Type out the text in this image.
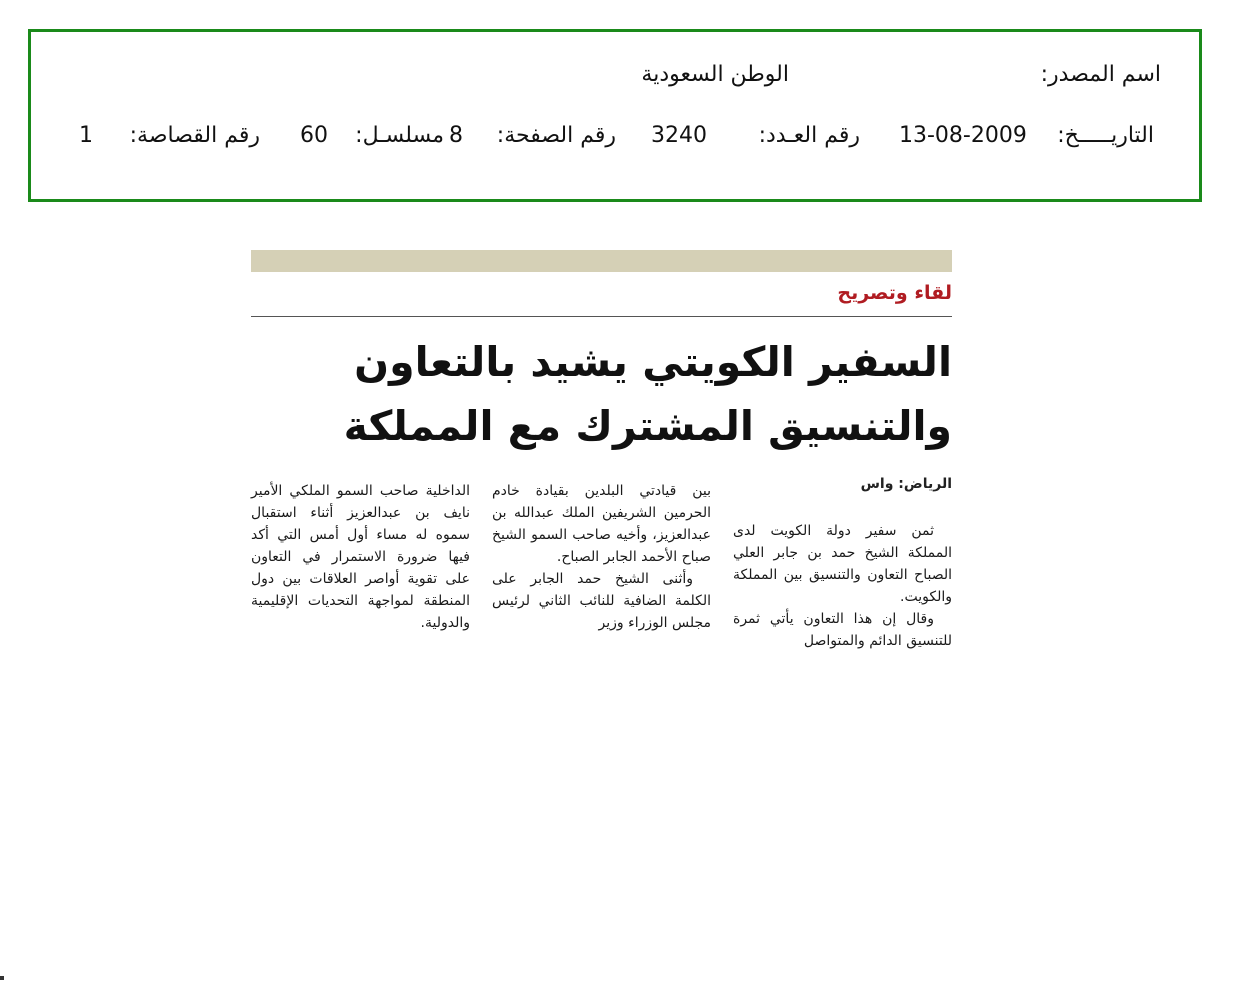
اسم المصدر:
الوطن السعودية
التاريـــــخ:
13-08-2009
رقم العـدد:
3240
رقم الصفحة:
8
مسلسـل:
60
رقم القصاصة:
1
لقاء وتصريح
السفير الكويتي يشيد بالتعاون
والتنسيق المشترك مع المملكة
الرياض: واس

ثمن سفير دولة الكويت لدى المملكة الشيخ حمد بن جابر العلي الصباح التعاون والتنسيق بين المملكة والكويت.

وقال إن هذا التعاون يأتي ثمرة للتنسيق الدائم والمتواصل

بين قيادتي البلدين بقيادة خادم الحرمين الشريفين الملك عبدالله بن عبدالعزيز، وأخيه صاحب السمو الشيخ صباح الأحمد الجابر الصباح.

وأثنى الشيخ حمد الجابر على الكلمة الضافية للنائب الثاني لرئيس مجلس الوزراء وزير

الداخلية صاحب السمو الملكي الأمير نايف بن عبدالعزيز أثناء استقبال سموه له مساء أول أمس التي أكد فيها ضرورة الاستمرار في التعاون على تقوية أواصر العلاقات بين دول المنطقة لمواجهة التحديات الإقليمية والدولية.
